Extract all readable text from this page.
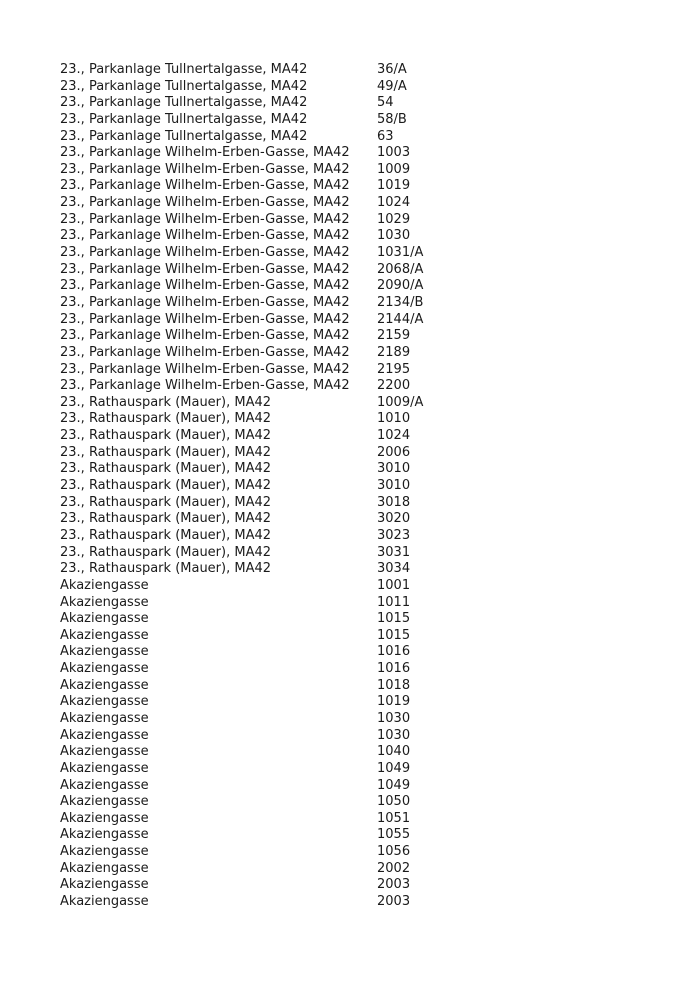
23., Parkanlage Tullnertalgasse, MA42	36/A
23., Parkanlage Tullnertalgasse, MA42	49/A
23., Parkanlage Tullnertalgasse, MA42	54
23., Parkanlage Tullnertalgasse, MA42	58/B
23., Parkanlage Tullnertalgasse, MA42	63
23., Parkanlage Wilhelm-Erben-Gasse, MA42	1003
23., Parkanlage Wilhelm-Erben-Gasse, MA42	1009
23., Parkanlage Wilhelm-Erben-Gasse, MA42	1019
23., Parkanlage Wilhelm-Erben-Gasse, MA42	1024
23., Parkanlage Wilhelm-Erben-Gasse, MA42	1029
23., Parkanlage Wilhelm-Erben-Gasse, MA42	1030
23., Parkanlage Wilhelm-Erben-Gasse, MA42	1031/A
23., Parkanlage Wilhelm-Erben-Gasse, MA42	2068/A
23., Parkanlage Wilhelm-Erben-Gasse, MA42	2090/A
23., Parkanlage Wilhelm-Erben-Gasse, MA42	2134/B
23., Parkanlage Wilhelm-Erben-Gasse, MA42	2144/A
23., Parkanlage Wilhelm-Erben-Gasse, MA42	2159
23., Parkanlage Wilhelm-Erben-Gasse, MA42	2189
23., Parkanlage Wilhelm-Erben-Gasse, MA42	2195
23., Parkanlage Wilhelm-Erben-Gasse, MA42	2200
23., Rathauspark (Mauer), MA42	1009/A
23., Rathauspark (Mauer), MA42	1010
23., Rathauspark (Mauer), MA42	1024
23., Rathauspark (Mauer), MA42	2006
23., Rathauspark (Mauer), MA42	3010
23., Rathauspark (Mauer), MA42	3010
23., Rathauspark (Mauer), MA42	3018
23., Rathauspark (Mauer), MA42	3020
23., Rathauspark (Mauer), MA42	3023
23., Rathauspark (Mauer), MA42	3031
23., Rathauspark (Mauer), MA42	3034
Akaziengasse	1001
Akaziengasse	1011
Akaziengasse	1015
Akaziengasse	1015
Akaziengasse	1016
Akaziengasse	1016
Akaziengasse	1018
Akaziengasse	1019
Akaziengasse	1030
Akaziengasse	1030
Akaziengasse	1040
Akaziengasse	1049
Akaziengasse	1049
Akaziengasse	1050
Akaziengasse	1051
Akaziengasse	1055
Akaziengasse	1056
Akaziengasse	2002
Akaziengasse	2003
Akaziengasse	2003
